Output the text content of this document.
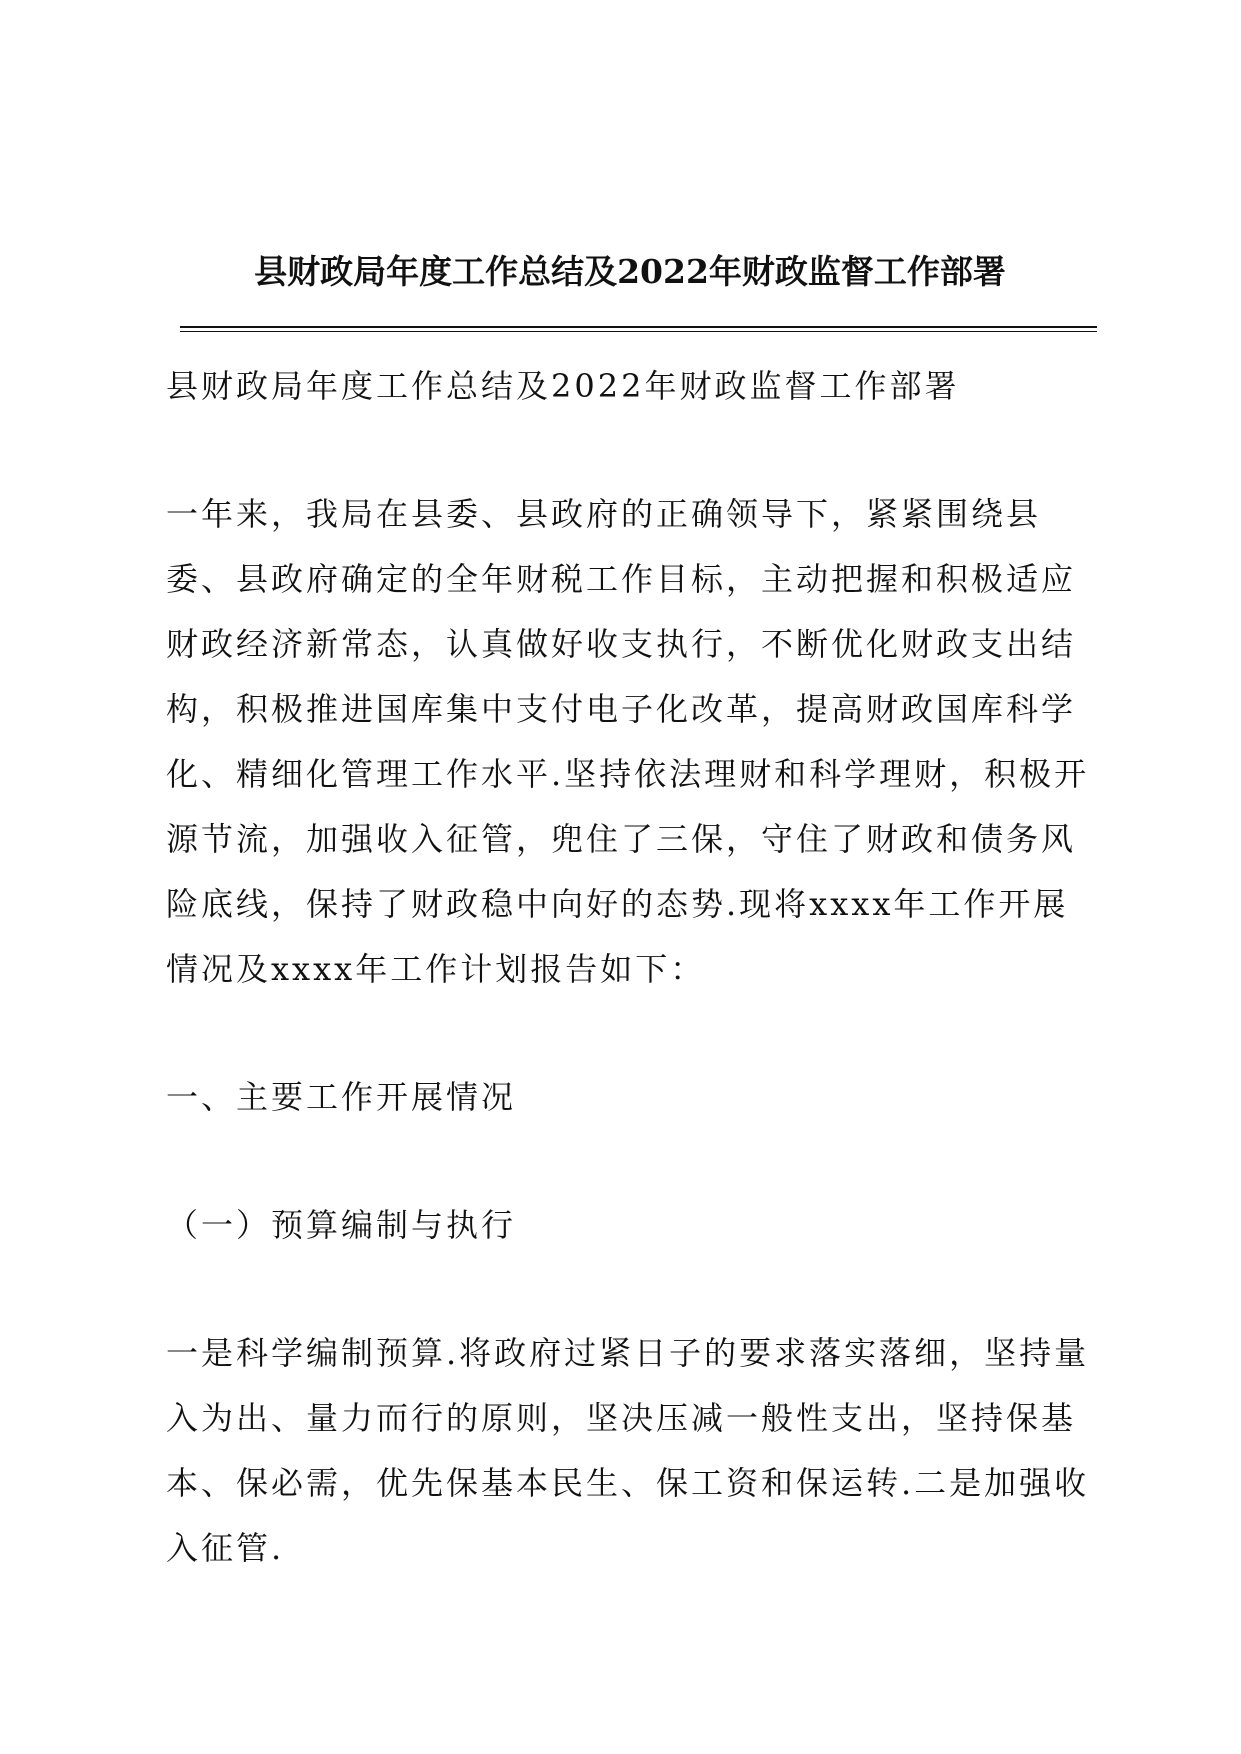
县财政局年度工作总结及2022年财政监督工作部署

县财政局年度工作总结及2022年财政监督工作部署

一年来，我局在县委、县政府的正确领导下，紧紧围绕县委、县政府确定的全年财税工作目标，主动把握和积极适应财政经济新常态，认真做好收支执行，不断优化财政支出结构，积极推进国库集中支付电子化改革，提高财政国库科学化、精细化管理工作水平.坚持依法理财和科学理财，积极开源节流，加强收入征管，兜住了三保，守住了财政和债务风险底线，保持了财政稳中向好的态势.现将xxxx年工作开展情况及xxxx年工作计划报告如下：

一、主要工作开展情况

（一）预算编制与执行

一是科学编制预算.将政府过紧日子的要求落实落细，坚持量入为出、量力而行的原则，坚决压减一般性支出，坚持保基本、保必需，优先保基本民生、保工资和保运转.二是加强收入征管.
